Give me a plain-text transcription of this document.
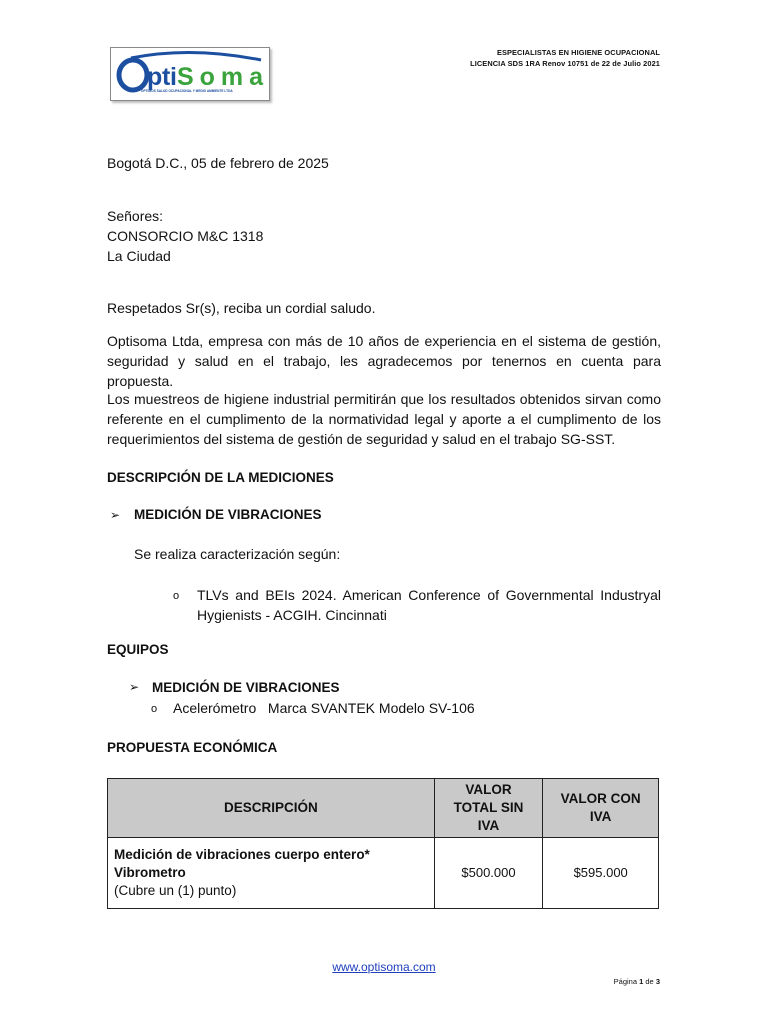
pti Soma
OPTIMOS SALUD OCUPACIONAL Y MEDIO AMBIENTE LTDA
ESPECIALISTAS EN HIGIENE OCUPACIONAL
LICENCIA SDS 1RA Renov 10751 de 22 de Julio 2021
Bogotá D.C., 05 de febrero de 2025
Señores:
CONSORCIO M&C 1318
La Ciudad
Respetados Sr(s), reciba un cordial saludo.
Optisoma Ltda, empresa con más de 10 años de experiencia en el sistema de gestión, seguridad y salud en el trabajo, les agradecemos por tenernos en cuenta para propuesta.
Los muestreos de higiene industrial permitirán que los resultados obtenidos sirvan como referente en el cumplimento de la normatividad legal y aporte a el cumplimento de los requerimientos del sistema de gestión de seguridad y salud en el trabajo SG-SST.
DESCRIPCIÓN DE LA MEDICIONES
➢ MEDICIÓN DE VIBRACIONES
Se realiza caracterización según:
o TLVs and BEIs 2024. American Conference of Governmental Industryal Hygienists - ACGIH. Cincinnati
EQUIPOS
➢ MEDICIÓN DE VIBRACIONES
o Acelerómetro   Marca SVANTEK Modelo SV-106
PROPUESTA ECONÓMICA
DESCRIPCIÓN	VALOR TOTAL SIN IVA	VALOR CON IVA

Medición de vibraciones cuerpo entero* Vibrometro
(Cubre un (1) punto)	$500.000	$595.000
www.optisoma.com
Página 1 de 3
